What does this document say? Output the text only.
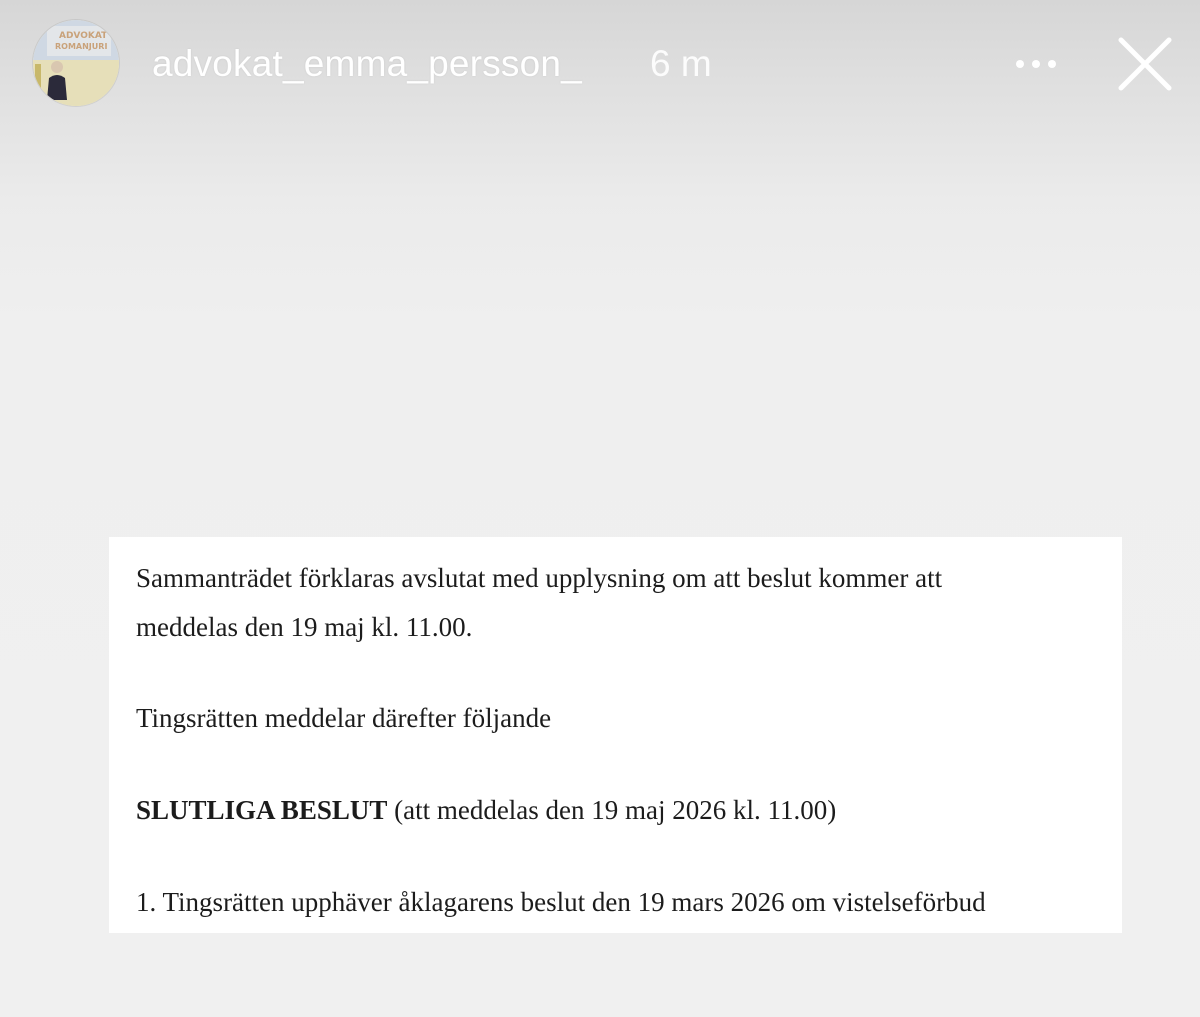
ADVOKAT
ROMANJURI advokat_emma_persson_ 6 m
Sammanträdet förklaras avslutat med upplysning om att beslut kommer att
meddelas den 19 maj kl. 11.00.
Tingsrätten meddelar därefter följande
SLUTLIGA BESLUT (att meddelas den 19 maj 2026 kl. 11.00)
1. Tingsrätten upphäver åklagarens beslut den 19 mars 2026 om vistelseförbud
